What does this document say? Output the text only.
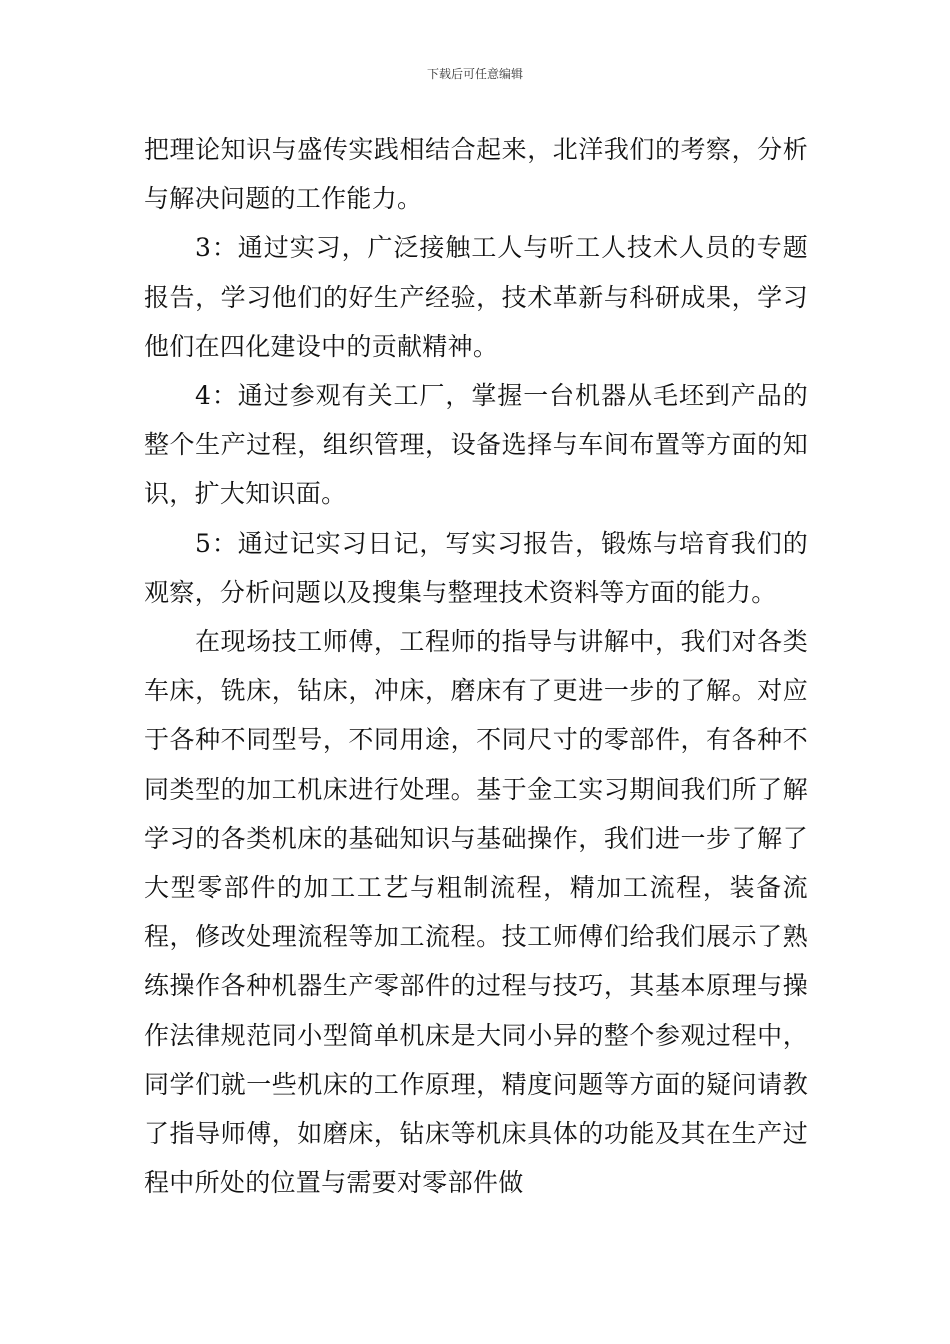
下载后可任意编辑

把理论知识与盛传实践相结合起来，北洋我们的考察，分析与解决问题的工作能力。

3：通过实习，广泛接触工人与听工人技术人员的专题报告，学习他们的好生产经验，技术革新与科研成果，学习他们在四化建设中的贡献精神。

4：通过参观有关工厂，掌握一台机器从毛坯到产品的整个生产过程，组织管理，设备选择与车间布置等方面的知识，扩大知识面。

5：通过记实习日记，写实习报告，锻炼与培育我们的观察，分析问题以及搜集与整理技术资料等方面的能力。

在现场技工师傅，工程师的指导与讲解中，我们对各类车床，铣床，钻床，冲床，磨床有了更进一步的了解。对应于各种不同型号，不同用途，不同尺寸的零部件，有各种不同类型的加工机床进行处理。基于金工实习期间我们所了解学习的各类机床的基础知识与基础操作，我们进一步了解了大型零部件的加工工艺与粗制流程，精加工流程，装备流程，修改处理流程等加工流程。技工师傅们给我们展示了熟练操作各种机器生产零部件的过程与技巧，其基本原理与操作法律规范同小型简单机床是大同小异的整个参观过程中，同学们就一些机床的工作原理，精度问题等方面的疑问请教了指导师傅，如磨床，钻床等机床具体的功能及其在生产过程中所处的位置与需要对零部件做
